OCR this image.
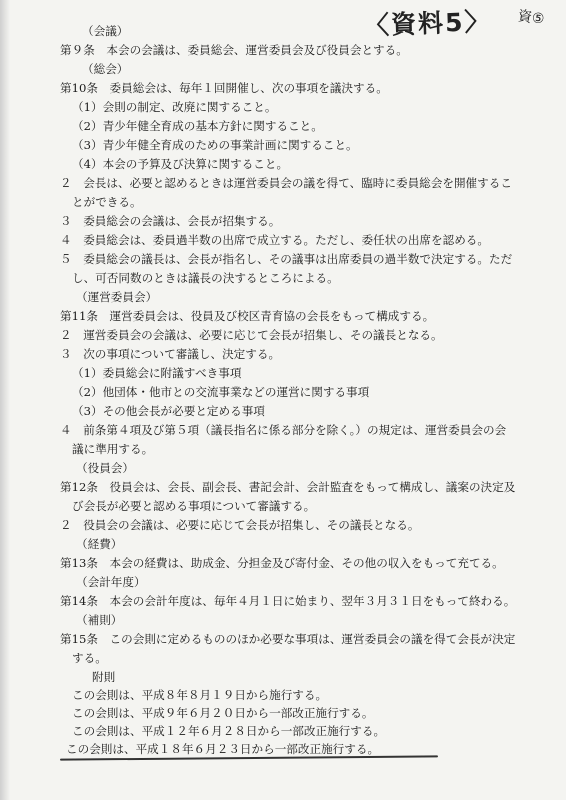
〈資料5〉 資⑤
（会議）
第９条　本会の会議は、委員総会、運営委員会及び役員会とする。
（総会）
第10条　委員総会は、毎年１回開催し、次の事項を議決する。
（1）会則の制定、改廃に関すること。
（2）青少年健全育成の基本方針に関すること。
（3）青少年健全育成のための事業計画に関すること。
（4）本会の予算及び決算に関すること。
２　会長は、必要と認めるときは運営委員会の議を得て、臨時に委員総会を開催するこ
とができる。
３　委員総会の会議は、会長が招集する。
４　委員総会は、委員過半数の出席で成立する。ただし、委任状の出席を認める。
５　委員総会の議長は、会長が指名し、その議事は出席委員の過半数で決定する。ただ
し、可否同数のときは議長の決するところによる。
（運営委員会）
第11条　運営委員会は、役員及び校区青育協の会長をもって構成する。
２　運営委員会の会議は、必要に応じて会長が招集し、その議長となる。
３　次の事項について審議し、決定する。
（1）委員総会に附議すべき事項
（2）他団体・他市との交流事業などの運営に関する事項
（3）その他会長が必要と定める事項
４　前条第４項及び第５項（議長指名に係る部分を除く。）の規定は、運営委員会の会
議に準用する。
（役員会）
第12条　役員会は、会長、副会長、書記会計、会計監査をもって構成し、議案の決定及
び会長が必要と認める事項について審議する。
２　役員会の会議は、必要に応じて会長が招集し、その議長となる。
（経費）
第13条　本会の経費は、助成金、分担金及び寄付金、その他の収入をもって充てる。
（会計年度）
第14条　本会の会計年度は、毎年４月１日に始まり、翌年３月３１日をもって終わる。
（補則）
第15条　この会則に定めるもののほか必要な事項は、運営委員会の議を得て会長が決定
する。
附則
この会則は、平成８年８月１９日から施行する。
この会則は、平成９年６月２０日から一部改正施行する。
この会則は、平成１２年６月２８日から一部改正施行する。
この会則は、平成１８年６月２３日から一部改正施行する。
